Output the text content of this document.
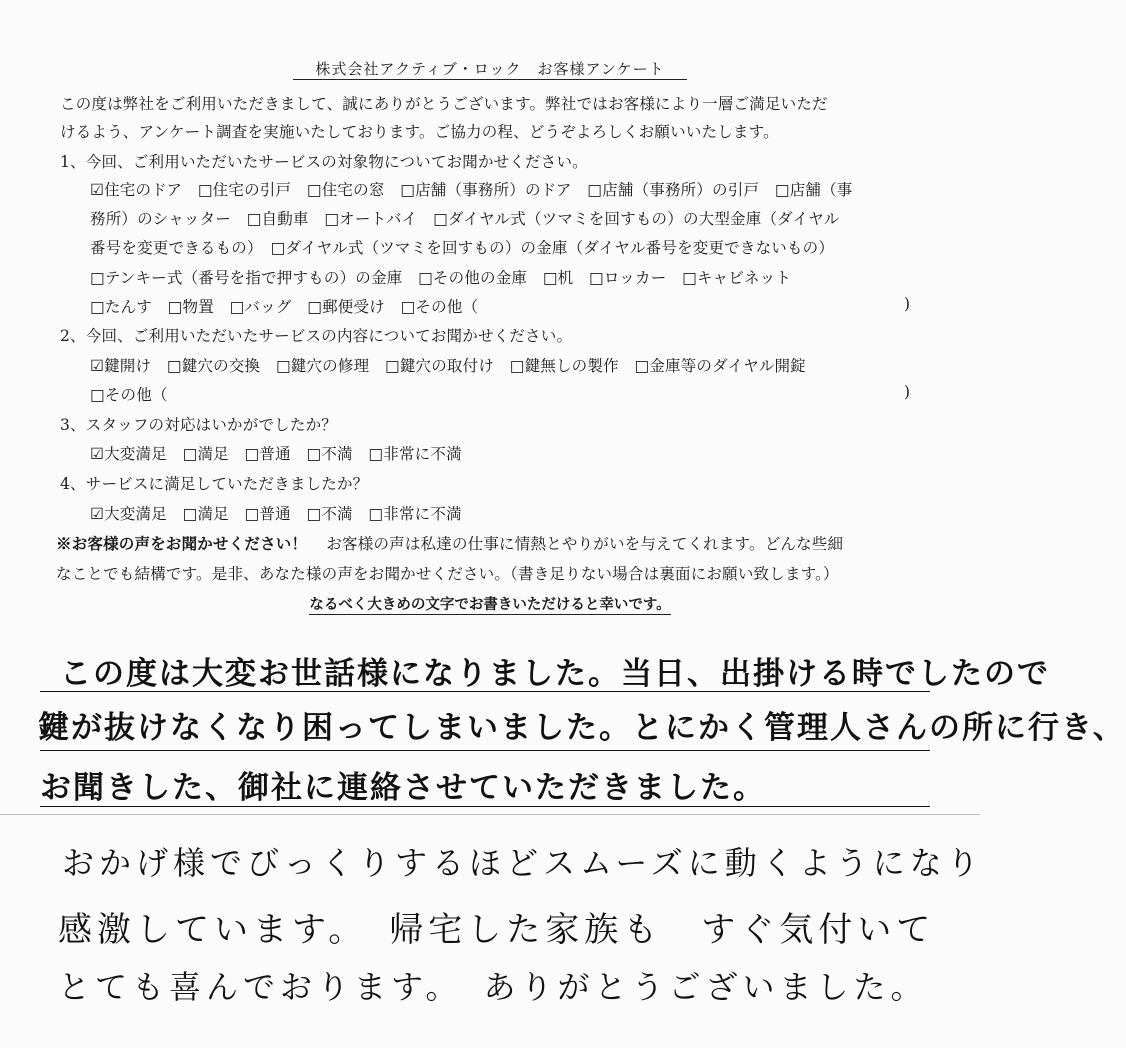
株式会社アクティブ・ロック　お客様アンケート
この度は弊社をご利用いただきまして、誠にありがとうございます。弊社ではお客様により一層ご満足いただ
けるよう、アンケート調査を実施いたしております。ご協力の程、どうぞよろしくお願いいたします。
1、今回、ご利用いただいたサービスの対象物についてお聞かせください。
☑住宅のドア　□住宅の引戸　□住宅の窓　□店舗（事務所）のドア　□店舗（事務所）の引戸　□店舗（事
務所）のシャッター　□自動車　□オートバイ　□ダイヤル式（ツマミを回すもの）の大型金庫（ダイヤル
番号を変更できるもの）　□ダイヤル式（ツマミを回すもの）の金庫（ダイヤル番号を変更できないもの）
□テンキー式（番号を指で押すもの）の金庫　□その他の金庫　□机　□ロッカー　□キャビネット
□たんす　□物置　□バッグ　□郵便受け　□その他（	)
2、今回、ご利用いただいたサービスの内容についてお聞かせください。
☑鍵開け　□鍵穴の交換　□鍵穴の修理　□鍵穴の取付け　□鍵無しの製作　□金庫等のダイヤル開錠
□その他（	)
3、スタッフの対応はいかがでしたか？
☑大変満足　□満足　□普通　□不満　□非常に不満
4、サービスに満足していただきましたか？
☑大変満足　□満足　□普通　□不満　□非常に不満
※お客様の声をお聞かせください！ お客様の声は私達の仕事に情熱とやりがいを与えてくれます。どんな些細
なことでも結構です。是非、あなた様の声をお聞かせください。（書き足りない場合は裏面にお願い致します。）
なるべく大きめの文字でお書きいただけると幸いです。
この度は大変お世話様になりました。当日、出掛ける時でしたので
鍵が抜けなくなり困ってしまいました。とにかく管理人さんの所に行き、
お聞きした、御社に連絡させていただきました。
おかげ様でびっくりするほどスムーズに動くようになり
感激しています。　帰宅した家族も　すぐ気付いて
とても喜んでおります。　ありがとうございました。
